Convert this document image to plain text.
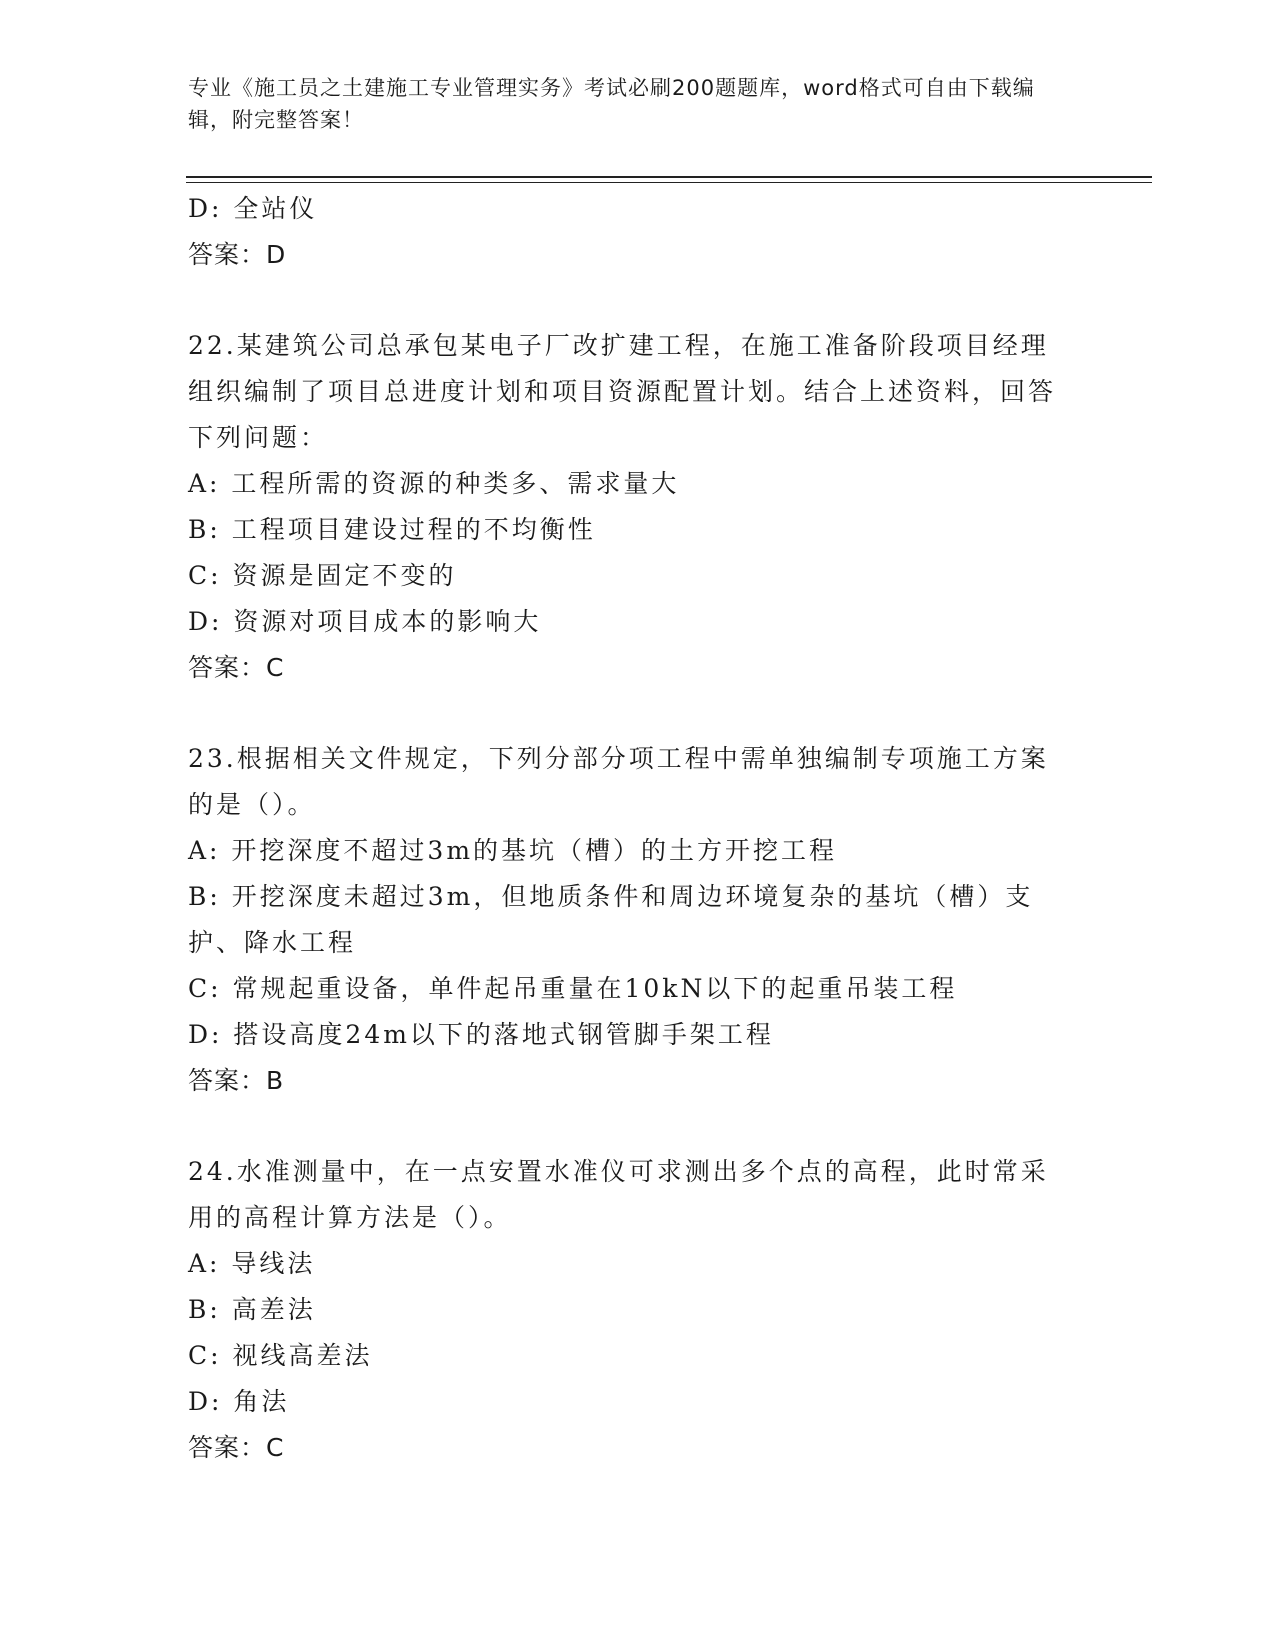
专业《施工员之土建施工专业管理实务》考试必刷200题题库，word格式可自由下载编辑，附完整答案！
D: 全站仪
答案：D
22.某建筑公司总承包某电子厂改扩建工程，在施工准备阶段项目经理组织编制了项目总进度计划和项目资源配置计划。结合上述资料，回答下列问题：
A: 工程所需的资源的种类多、需求量大
B: 工程项目建设过程的不均衡性
C: 资源是固定不变的
D: 资源对项目成本的影响大
答案：C
23.根据相关文件规定，下列分部分项工程中需单独编制专项施工方案的是（）。
A: 开挖深度不超过3m的基坑（槽）的土方开挖工程
B: 开挖深度未超过3m，但地质条件和周边环境复杂的基坑（槽）支护、降水工程
C: 常规起重设备，单件起吊重量在10kN以下的起重吊装工程
D: 搭设高度24m以下的落地式钢管脚手架工程
答案：B
24.水准测量中，在一点安置水准仪可求测出多个点的高程，此时常采用的高程计算方法是（）。
A: 导线法
B: 高差法
C: 视线高差法
D: 角法
答案：C
